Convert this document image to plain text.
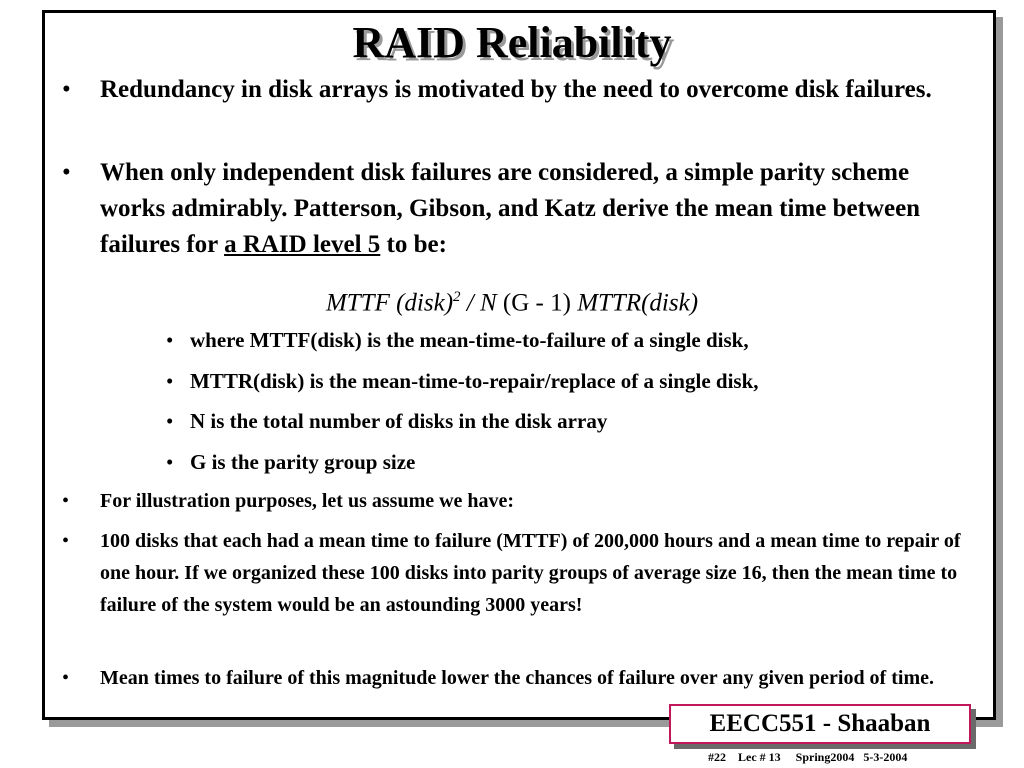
RAID Reliability
• Redundancy in disk arrays is motivated by the need to overcome disk failures.
• When only independent disk failures are considered, a simple parity scheme works admirably. Patterson, Gibson, and Katz derive the mean time between failures for a RAID level 5 to be:
MTTF (disk)$^2$ / N (G - 1) MTTR(disk)
• where MTTF(disk) is the mean-time-to-failure of a single disk,
• MTTR(disk) is the mean-time-to-repair/replace of a single disk,
• N is the total number of disks in the disk array
• G is the parity group size
• For illustration purposes, let us assume we have:
• 100 disks that each had a mean time to failure (MTTF) of 200,000 hours and a mean time to repair of one hour. If we organized these 100 disks into parity groups of average size 16, then the mean time to failure of the system would be an astounding 3000 years!
• Mean times to failure of this magnitude lower the chances of failure over any given period of time.
EECC551 - Shaaban
#22    Lec # 13     Spring2004   5-3-2004
